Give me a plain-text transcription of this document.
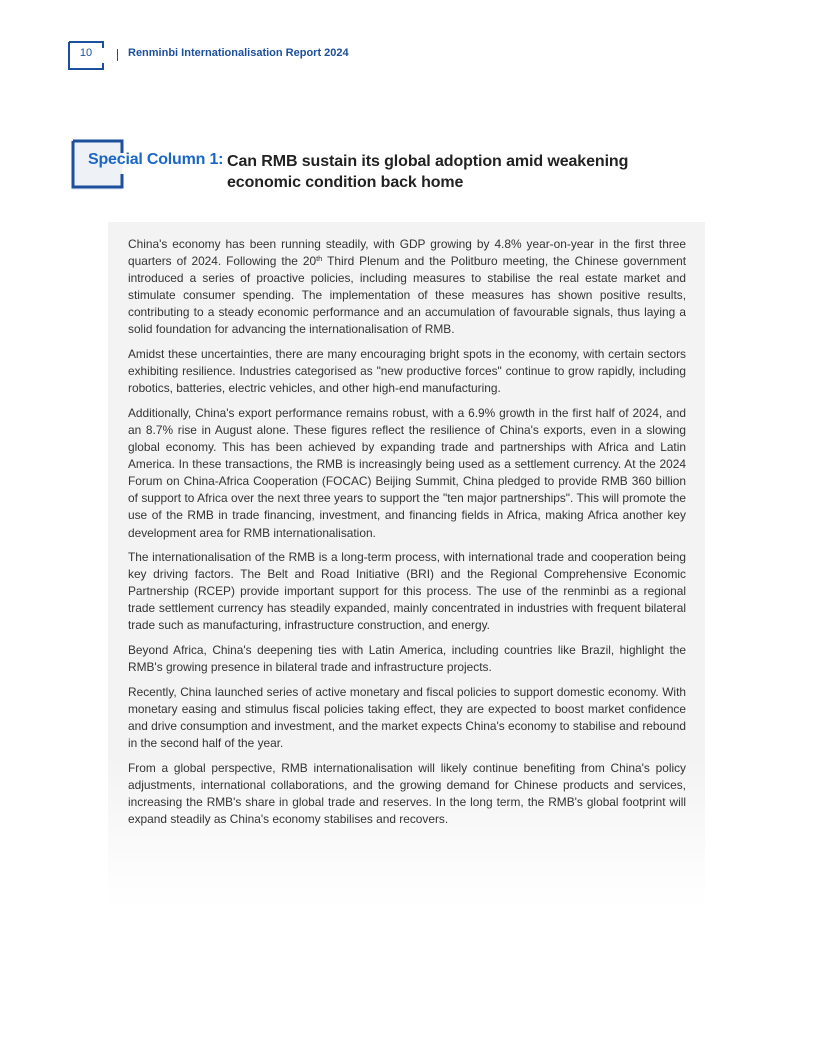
10	Renminbi Internationalisation Report 2024
Special Column 1: Can RMB sustain its global adoption amid weakening economic condition back home

China's economy has been running steadily, with GDP growing by 4.8% year-on-year in the first three quarters of 2024. Following the 20th Third Plenum and the Politburo meeting, the Chinese government introduced a series of proactive policies, including measures to stabilise the real estate market and stimulate consumer spending. The implementation of these measures has shown positive results, contributing to a steady economic performance and an accumulation of favourable signals, thus laying a solid foundation for advancing the internationalisation of RMB.

Amidst these uncertainties, there are many encouraging bright spots in the economy, with certain sectors exhibiting resilience. Industries categorised as "new productive forces" continue to grow rapidly, including robotics, batteries, electric vehicles, and other high-end manufacturing.

Additionally, China's export performance remains robust, with a 6.9% growth in the first half of 2024, and an 8.7% rise in August alone. These figures reflect the resilience of China's exports, even in a slowing global economy. This has been achieved by expanding trade and partnerships with Africa and Latin America. In these transactions, the RMB is increasingly being used as a settlement currency. At the 2024 Forum on China-Africa Cooperation (FOCAC) Beijing Summit, China pledged to provide RMB 360 billion of support to Africa over the next three years to support the "ten major partnerships". This will promote the use of the RMB in trade financing, investment, and financing fields in Africa, making Africa another key development area for RMB internationalisation.

The internationalisation of the RMB is a long-term process, with international trade and cooperation being key driving factors. The Belt and Road Initiative (BRI) and the Regional Comprehensive Economic Partnership (RCEP) provide important support for this process. The use of the renminbi as a regional trade settlement currency has steadily expanded, mainly concentrated in industries with frequent bilateral trade such as manufacturing, infrastructure construction, and energy.

Beyond Africa, China's deepening ties with Latin America, including countries like Brazil, highlight the RMB's growing presence in bilateral trade and infrastructure projects.

Recently, China launched series of active monetary and fiscal policies to support domestic economy. With monetary easing and stimulus fiscal policies taking effect, they are expected to boost market confidence and drive consumption and investment, and the market expects China's economy to stabilise and rebound in the second half of the year.

From a global perspective, RMB internationalisation will likely continue benefiting from China's policy adjustments, international collaborations, and the growing demand for Chinese products and services, increasing the RMB's share in global trade and reserves. In the long term, the RMB's global footprint will expand steadily as China's economy stabilises and recovers.
